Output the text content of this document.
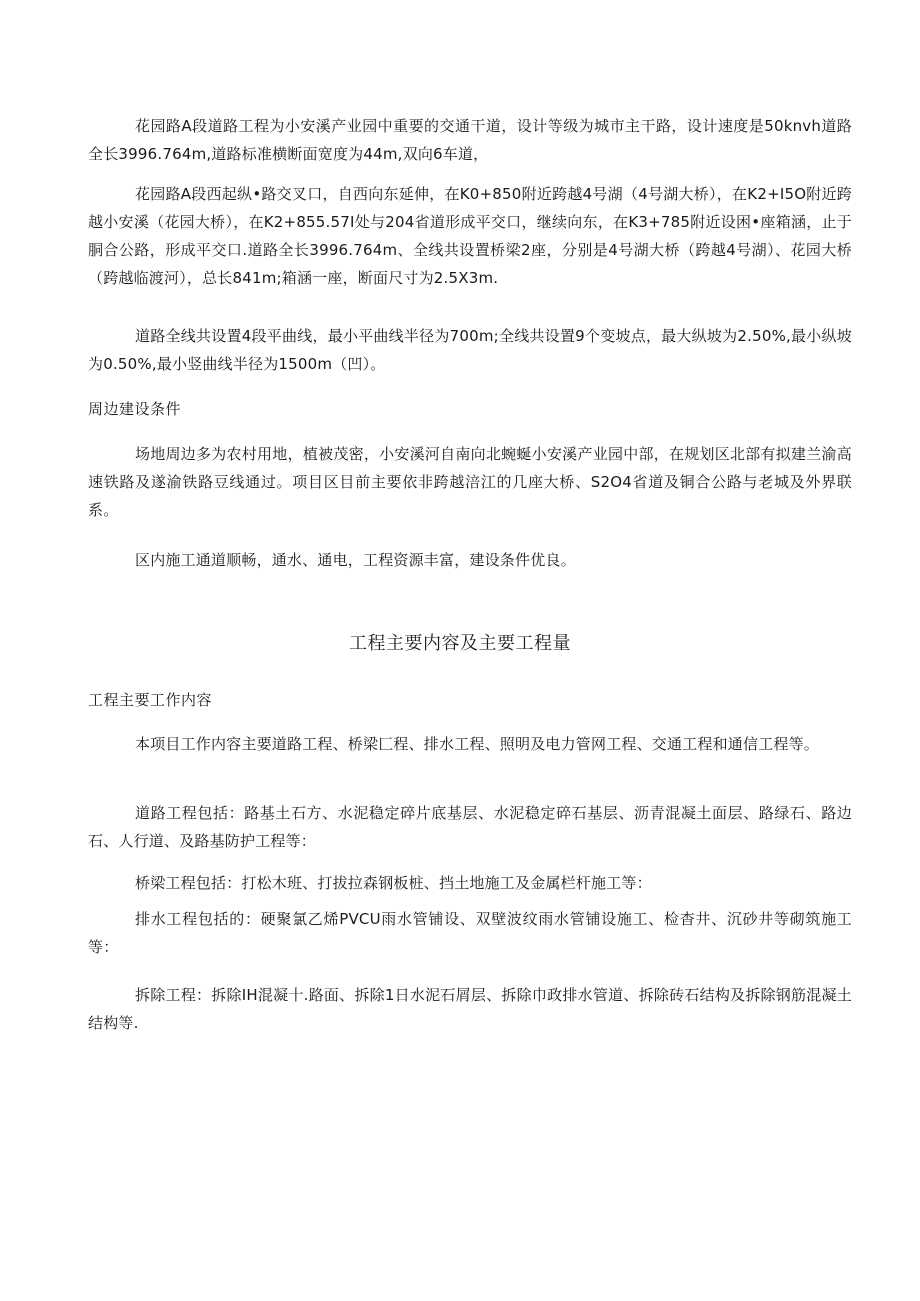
花园路A段道路工程为小安溪产业园中重要的交通干道，设计等级为城市主干路，设计速度是50knvh道路全长3996.764m,道路标准横断面宽度为44m,双向6车道，

花园路A段西起纵•路交叉口，自西向东延伸，在K0+850附近跨越4号湖（4号湖大桥），在K2+I5O附近跨越小安溪（花园大桥），在K2+855.57I处与204省道形成平交口，继续向东，在K3+785附近设困•座箱涵，止于胴合公路，形成平交口.道路全长3996.764m、全线共设置桥梁2座，分别是4号湖大桥（跨越4号湖）、花园大桥（跨越临渡河），总长841m;箱涵一座，断面尺寸为2.5X3m.

道路全线共设置4段平曲线，最小平曲线半径为700m;全线共设置9个变坡点，最大纵坡为2.50%,最小纵坡为0.50%,最小竖曲线半径为1500m（凹）。

周边建设条件

场地周边多为农村用地，植被茂密，小安溪河自南向北蜿蜒小安溪产业园中部，在规划区北部有拟建兰渝高速铁路及遂渝铁路豆线通过。项目区目前主要依非跨越涪江的几座大桥、S2O4省道及铜合公路与老城及外界联系。

区内施工通道顺畅，通水、通电，工程资源丰富，建设条件优良。

工程主要内容及主要工程量

工程主要工作内容

本项目工作内容主要道路工程、桥梁匚程、排水工程、照明及电力管网工程、交通工程和通信工程等。

道路工程包括：路基土石方、水泥稳定碎片底基层、水泥稳定碎石基层、沥青混凝土面层、路绿石、路边石、人行道、及路基防护工程等：

桥梁工程包括：打松木班、打拔拉森钢板桩、挡土地施工及金属栏杆施工等：

排水工程包括的：硬聚氯乙烯PVCU雨水管铺设、双壁波纹雨水管铺设施工、检杳井、沉砂井等砌筑施工等：

拆除工程：拆除IH混凝十.路面、拆除1日水泥石屑层、拆除巾政排水管道、拆除砖石结构及拆除钢筋混凝土结构等.
